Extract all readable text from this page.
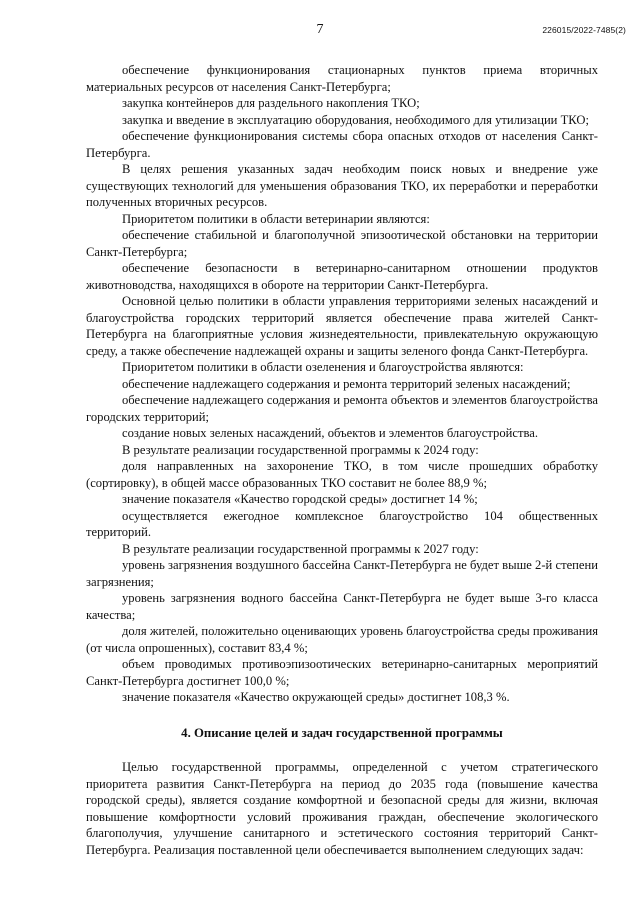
7	226015/2022-7485(2)

обеспечение функционирования стационарных пунктов приема вторичных материальных ресурсов от населения Санкт-Петербурга;

закупка контейнеров для раздельного накопления ТКО;

закупка и введение в эксплуатацию оборудования, необходимого для утилизации ТКО;

обеспечение функционирования системы сбора опасных отходов от населения Санкт-Петербурга.

В целях решения указанных задач необходим поиск новых и внедрение уже существующих технологий для уменьшения образования ТКО, их переработки и переработки полученных вторичных ресурсов.

Приоритетом политики в области ветеринарии являются:

обеспечение стабильной и благополучной эпизоотической обстановки на территории Санкт-Петербурга;

обеспечение безопасности в ветеринарно-санитарном отношении продуктов животноводства, находящихся в обороте на территории Санкт-Петербурга.

Основной целью политики в области управления территориями зеленых насаждений и благоустройства городских территорий является обеспечение права жителей Санкт-Петербурга на благоприятные условия жизнедеятельности, привлекательную окружающую среду, а также обеспечение надлежащей охраны и защиты зеленого фонда Санкт-Петербурга.

Приоритетом политики в области озеленения и благоустройства являются:

обеспечение надлежащего содержания и ремонта территорий зеленых насаждений;

обеспечение надлежащего содержания и ремонта объектов и элементов благоустройства городских территорий;

создание новых зеленых насаждений, объектов и элементов благоустройства.

В результате реализации государственной программы к 2024 году:

доля направленных на захоронение ТКО, в том числе прошедших обработку (сортировку), в общей массе образованных ТКО составит не более 88,9 %;

значение показателя «Качество городской среды» достигнет 14 %;

осуществляется ежегодное комплексное благоустройство 104 общественных территорий.

В результате реализации государственной программы к 2027 году:

уровень загрязнения воздушного бассейна Санкт-Петербурга не будет выше 2-й степени загрязнения;

уровень загрязнения водного бассейна Санкт-Петербурга не будет выше 3-го класса качества;

доля жителей, положительно оценивающих уровень благоустройства среды проживания (от числа опрошенных), составит 83,4 %;

объем проводимых противоэпизоотических ветеринарно-санитарных мероприятий Санкт-Петербурга достигнет 100,0 %;

значение показателя «Качество окружающей среды» достигнет 108,3 %.

4. Описание целей и задач государственной программы

Целью государственной программы, определенной с учетом стратегического приоритета развития Санкт-Петербурга на период до 2035 года (повышение качества городской среды), является создание комфортной и безопасной среды для жизни, включая повышение комфортности условий проживания граждан, обеспечение экологического благополучия, улучшение санитарного и эстетического состояния территорий Санкт-Петербурга. Реализация поставленной цели обеспечивается выполнением следующих задач:
